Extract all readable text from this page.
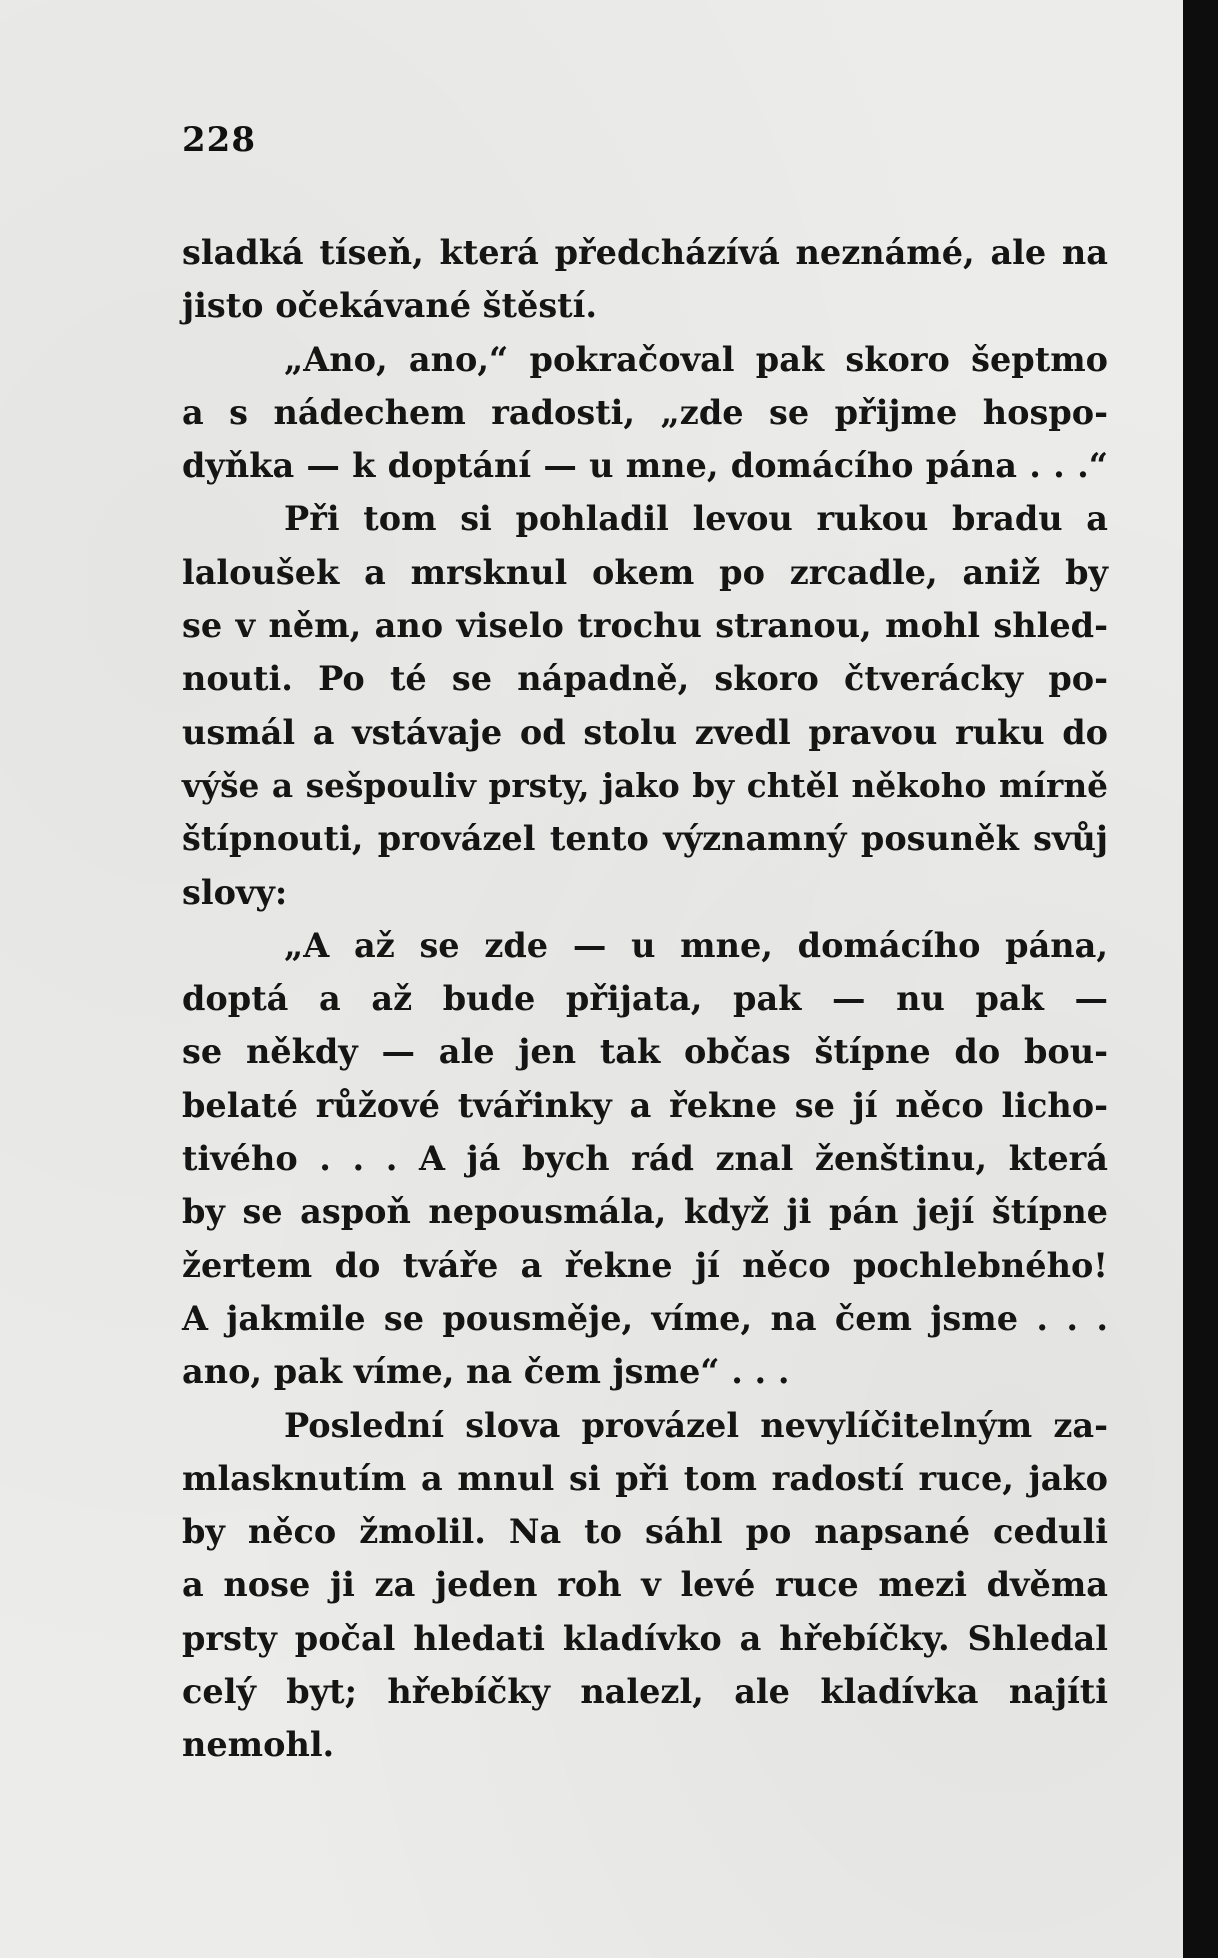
228
sladká tíseň, která předcházívá neznámé, ale na
jisto očekávané štěstí.
„Ano, ano,“ pokračoval pak skoro šeptmo
a s nádechem radosti, „zde se přijme hospo-
dyňka — k doptání — u mne, domácího pána . . .“
Při tom si pohladil levou rukou bradu a
laloušek a mrsknul okem po zrcadle, aniž by
se v něm, ano viselo trochu stranou, mohl shled-
nouti. Po té se nápadně, skoro čtverácky po-
usmál a vstávaje od stolu zvedl pravou ruku do
výše a sešpouliv prsty, jako by chtěl někoho mírně
štípnouti, provázel tento významný posuněk svůj
slovy:
„A až se zde — u mne, domácího pána,
doptá a až bude přijata, pak — nu pak —
se někdy — ale jen tak občas štípne do bou-
belaté růžové tvářinky a řekne se jí něco licho-
tivého . . . A já bych rád znal ženštinu, která
by se aspoň nepousmála, když ji pán její štípne
žertem do tváře a řekne jí něco pochlebného!
A jakmile se pousměje, víme, na čem jsme . . .
ano, pak víme, na čem jsme“ . . .
Poslední slova provázel nevylíčitelným za-
mlasknutím a mnul si při tom radostí ruce, jako
by něco žmolil. Na to sáhl po napsané ceduli
a nose ji za jeden roh v levé ruce mezi dvěma
prsty počal hledati kladívko a hřebíčky. Shledal
celý byt; hřebíčky nalezl, ale kladívka najíti
nemohl.
